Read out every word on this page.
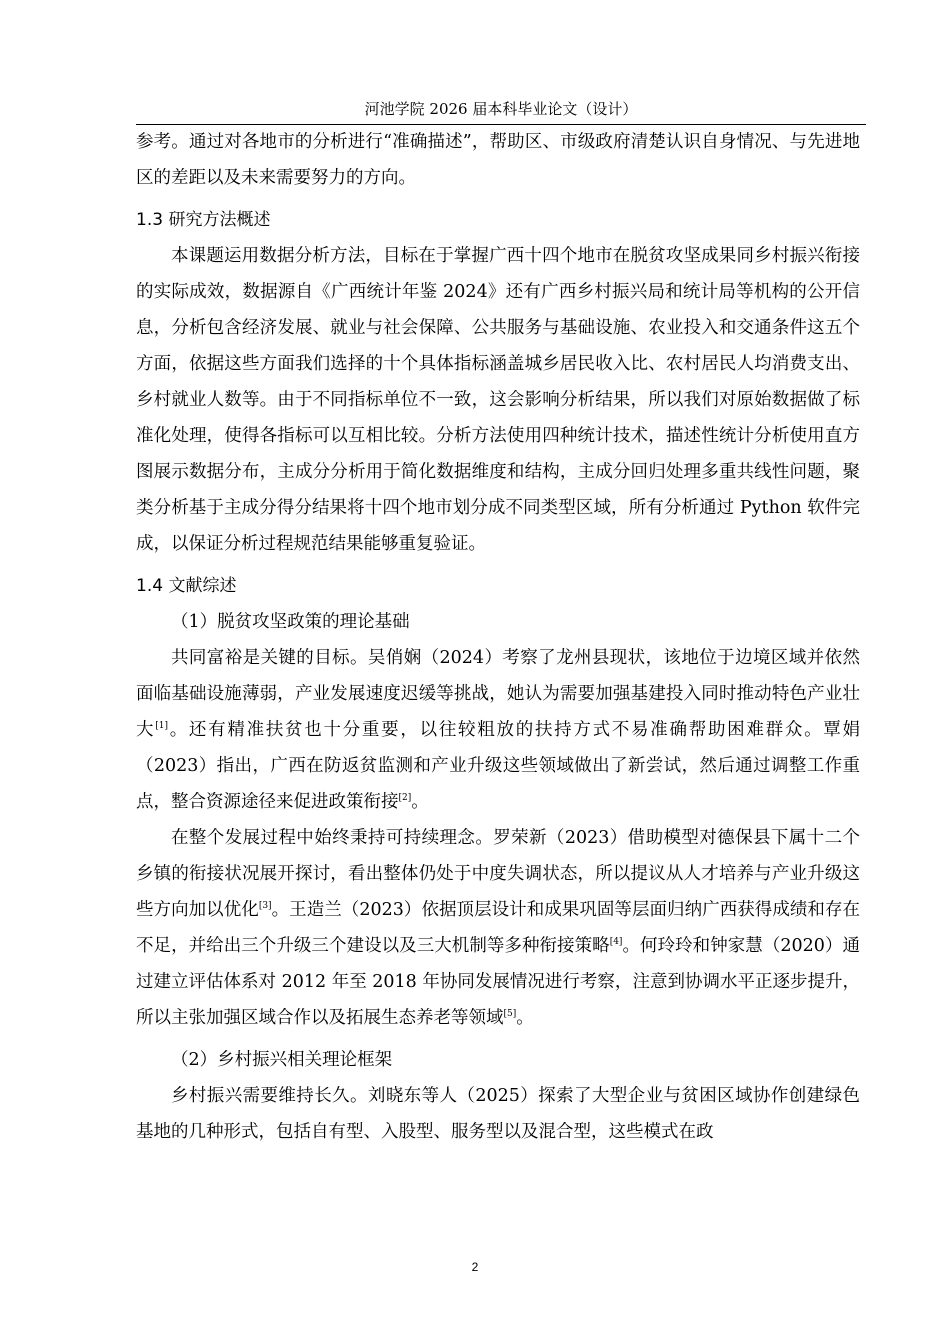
河池学院 2026 届本科毕业论文（设计）

参考。通过对各地市的分析进行“准确描述”，帮助区、市级政府清楚认识自身情况、与先进地区的差距以及未来需要努力的方向。

1.3 研究方法概述

本课题运用数据分析方法，目标在于掌握广西十四个地市在脱贫攻坚成果同乡村振兴衔接的实际成效，数据源自《广西统计年鉴 2024》还有广西乡村振兴局和统计局等机构的公开信息，分析包含经济发展、就业与社会保障、公共服务与基础设施、农业投入和交通条件这五个方面，依据这些方面我们选择的十个具体指标涵盖城乡居民收入比、农村居民人均消费支出、乡村就业人数等。由于不同指标单位不一致，这会影响分析结果，所以我们对原始数据做了标准化处理，使得各指标可以互相比较。分析方法使用四种统计技术，描述性统计分析使用直方图展示数据分布，主成分分析用于简化数据维度和结构，主成分回归处理多重共线性问题，聚类分析基于主成分得分结果将十四个地市划分成不同类型区域，所有分析通过 Python 软件完成，以保证分析过程规范结果能够重复验证。

1.4 文献综述

（1）脱贫攻坚政策的理论基础

共同富裕是关键的目标。吴俏娴（2024）考察了龙州县现状，该地位于边境区域并依然面临基础设施薄弱，产业发展速度迟缓等挑战，她认为需要加强基建投入同时推动特色产业壮大[1]。还有精准扶贫也十分重要，以往较粗放的扶持方式不易准确帮助困难群众。覃娟（2023）指出，广西在防返贫监测和产业升级这些领域做出了新尝试，然后通过调整工作重点，整合资源途径来促进政策衔接[2]。

在整个发展过程中始终秉持可持续理念。罗荣新（2023）借助模型对德保县下属十二个乡镇的衔接状况展开探讨，看出整体仍处于中度失调状态，所以提议从人才培养与产业升级这些方向加以优化[3]。王造兰（2023）依据顶层设计和成果巩固等层面归纳广西获得成绩和存在不足，并给出三个升级三个建设以及三大机制等多种衔接策略[4]。何玲玲和钟家慧（2020）通过建立评估体系对 2012 年至 2018 年协同发展情况进行考察，注意到协调水平正逐步提升，所以主张加强区域合作以及拓展生态养老等领域[5]。

（2）乡村振兴相关理论框架

乡村振兴需要维持长久。刘晓东等人（2025）探索了大型企业与贫困区域协作创建绿色基地的几种形式，包括自有型、入股型、服务型以及混合型，这些模式在政

2
